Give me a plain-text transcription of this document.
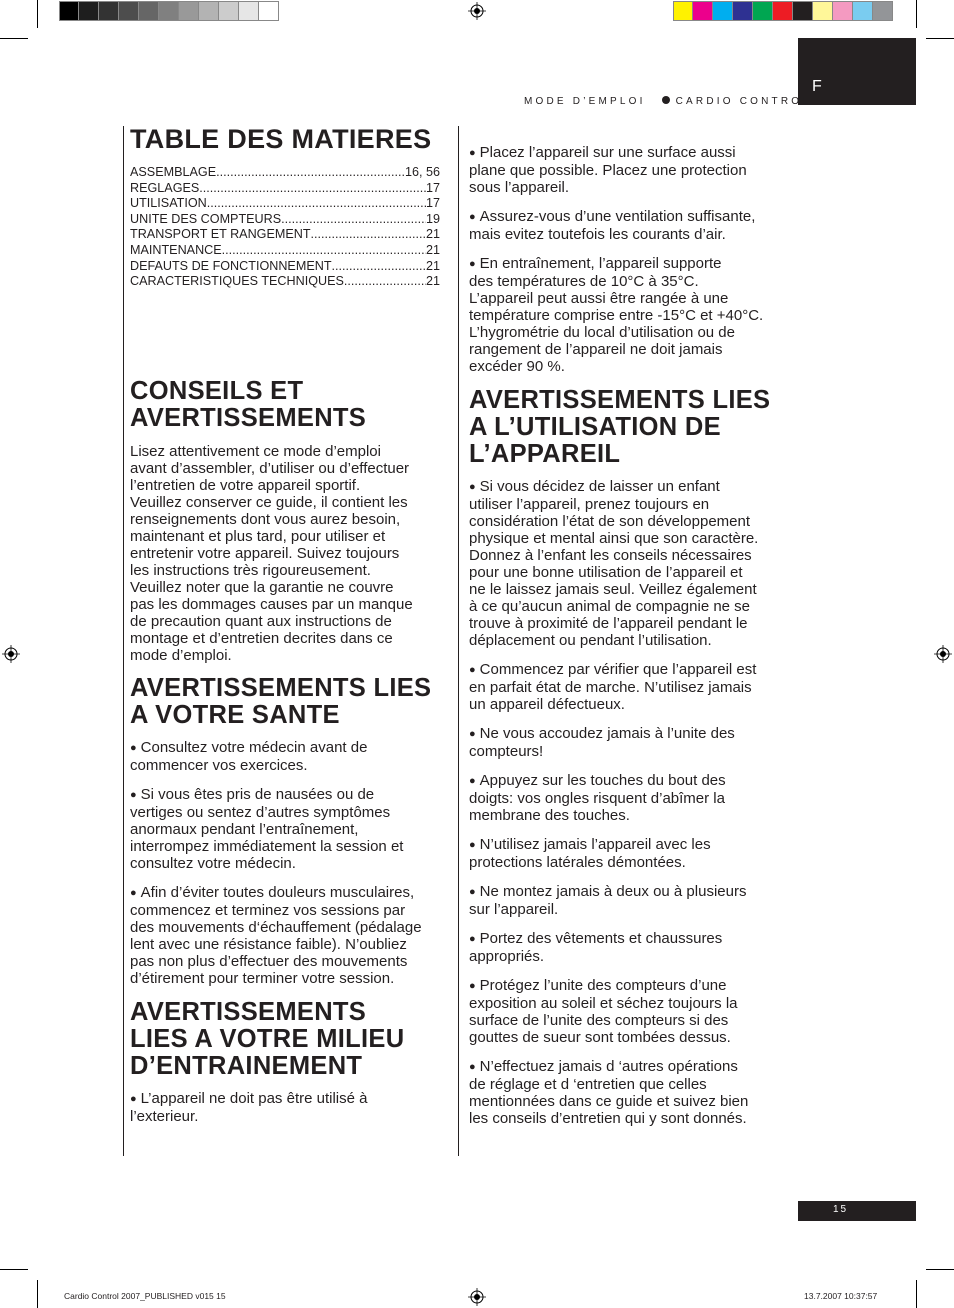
F
MODE D’EMPLOI	CARDIO CONTROL
TABLE DES MATIERES
ASSEMBLAGE .....	16, 56
REGLAGES .....	17
UTILISATION .....	17
UNITE DES COMPTEURS .....	19
TRANSPORT ET RANGEMENT .....	21
MAINTENANCE .....	21
DEFAUTS DE FONCTIONNEMENT .....	21
CARACTERISTIQUES TECHNIQUES .....	21
CONSEILS ET
AVERTISSEMENTS

Lisez attentivement ce mode d’emploi
avant d’assembler, d’utiliser ou d’effectuer
l’entretien de votre appareil sportif.
Veuillez conserver ce guide, il contient les
renseignements dont vous aurez besoin,
maintenant et plus tard, pour utiliser et
entretenir votre appareil. Suivez toujours
les instructions très rigoureusement.
Veuillez noter que la garantie ne couvre
pas les dommages causes par un manque
de precaution quant aux instructions de
montage et d’entretien decrites dans ce
mode d’emploi.

AVERTISSEMENTS LIES
A VOTRE SANTE

● Consultez votre médecin avant de
commencer vos exercices.

● Si vous êtes pris de nausées ou de
vertiges ou sentez d’autres symptômes
anormaux pendant l’entraînement,
interrompez immédiatement la session et
consultez votre médecin.

● Afin d’éviter toutes douleurs musculaires,
commencez et terminez vos sessions par
des mouvements d‘échauffement (pédalage
lent avec une résistance faible). N’oubliez
pas non plus d’effectuer des mouvements
d’étirement pour terminer votre session.

AVERTISSEMENTS
LIES A VOTRE MILIEU
D’ENTRAINEMENT

● L’appareil ne doit pas être utilisé à
l’exterieur.

● Placez l’appareil sur une surface aussi
plane que possible. Placez une protection
sous l’appareil.

● Assurez-vous d’une ventilation suffisante,
mais evitez toutefois les courants d’air.

● En entraînement, l’appareil supporte
des températures de 10°C à 35°C.
L’appareil peut aussi être rangée à une
température comprise entre -15°C et +40°C.
L’hygrométrie du local d’utilisation ou de
rangement de l’appareil ne doit jamais
excéder 90 %.

AVERTISSEMENTS LIES
A L’UTILISATION DE
L’APPAREIL

● Si vous décidez de laisser un enfant
utiliser l’appareil, prenez toujours en
considération l’état de son développement
physique et mental ainsi que son caractère.
Donnez à l’enfant les conseils nécessaires
pour une bonne utilisation de l’appareil et
ne le laissez jamais seul. Veillez également
à ce qu’aucun animal de compagnie ne se
trouve à proximité de l’appareil pendant le
déplacement ou pendant l’utilisation.

● Commencez par vérifier que l’appareil est
en parfait état de marche. N’utilisez jamais
un appareil défectueux.

● Ne vous accoudez jamais à l’unite des
compteurs!

● Appuyez sur les touches du bout des
doigts: vos ongles risquent d’abîmer la
membrane des touches.

● N’utilisez jamais l’appareil avec les
protections latérales démontées.

● Ne montez jamais à deux ou à plusieurs
sur l’appareil.

● Portez des vêtements et chaussures
appropriés.

● Protégez l’unite des compteurs d’une
exposition au soleil et séchez toujours la
surface de l’unite des compteurs si des
gouttes de sueur sont tombées dessus.

● N’effectuez jamais d ‘autres opérations
de réglage et d ‘entretien que celles
mentionnées dans ce guide et suivez bien
les conseils d’entretien qui y sont donnés.

15
Cardio Control 2007_PUBLISHED v015 15	13.7.2007 10:37:57
